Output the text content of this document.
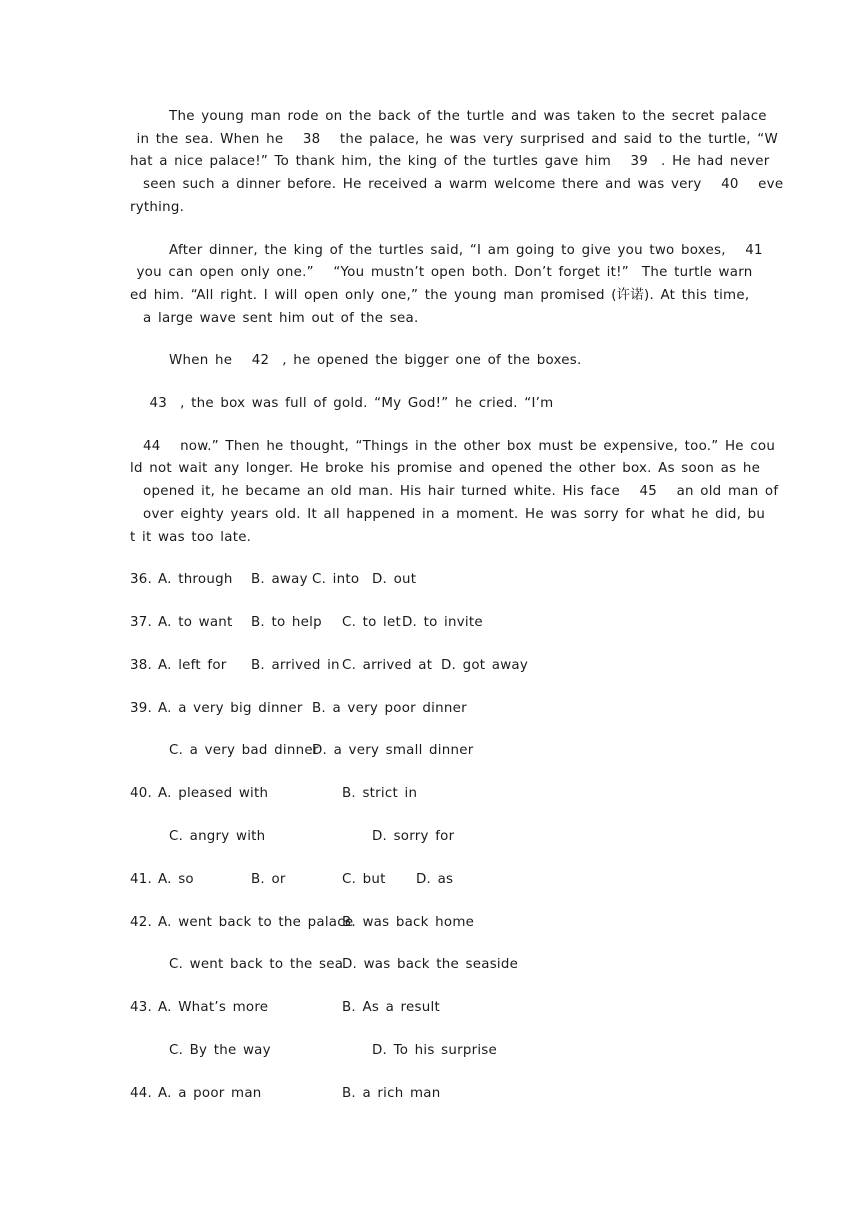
The young man rode on the back of the turtle and was taken to the secret palace
in the sea. When he   38   the palace, he was very surprised and said to the turtle, “W
hat a nice palace!” To thank him, the king of the turtles gave him   39  . He had never
seen such a dinner before. He received a warm welcome there and was very   40   eve
rything.
After dinner, the king of the turtles said, “I am going to give you two boxes,   41
you can open only one.”   “You mustn’t open both. Don’t forget it!”  The turtle warn
ed him. “All right. I will open only one,” the young man promised (许诺). At this time,
a large wave sent him out of the sea.
When he   42  , he opened the bigger one of the boxes.
43  , the box was full of gold. “My God!” he cried. “I’m
44   now.” Then he thought, “Things in the other box must be expensive, too.” He cou
ld not wait any longer. He broke his promise and opened the other box. As soon as he
opened it, he became an old man. His hair turned white. His face   45   an old man of
over eighty years old. It all happened in a moment. He was sorry for what he did, bu
t it was too late.

36.

A. through

B. away

C. into

D. out

37.

A. to want

B. to help

C. to let

D. to invite

38.

A. left for

B. arrived in

C. arrived at

D. got away

39.

A. a very big dinner

B. a very poor dinner

C. a very bad dinner

D. a very small dinner

40.

A. pleased with

	B. strict in

C. angry with

	D. sorry for

41.

A. so

	B. or

	C. but

D. as

42.

A. went back to the palace

B. was back home

C. went back to the sea

D. was back the seaside

43.

A. What’s more

	B. As a result

C. By the way

	D. To his surprise

44.

A. a poor man

	B. a rich man
